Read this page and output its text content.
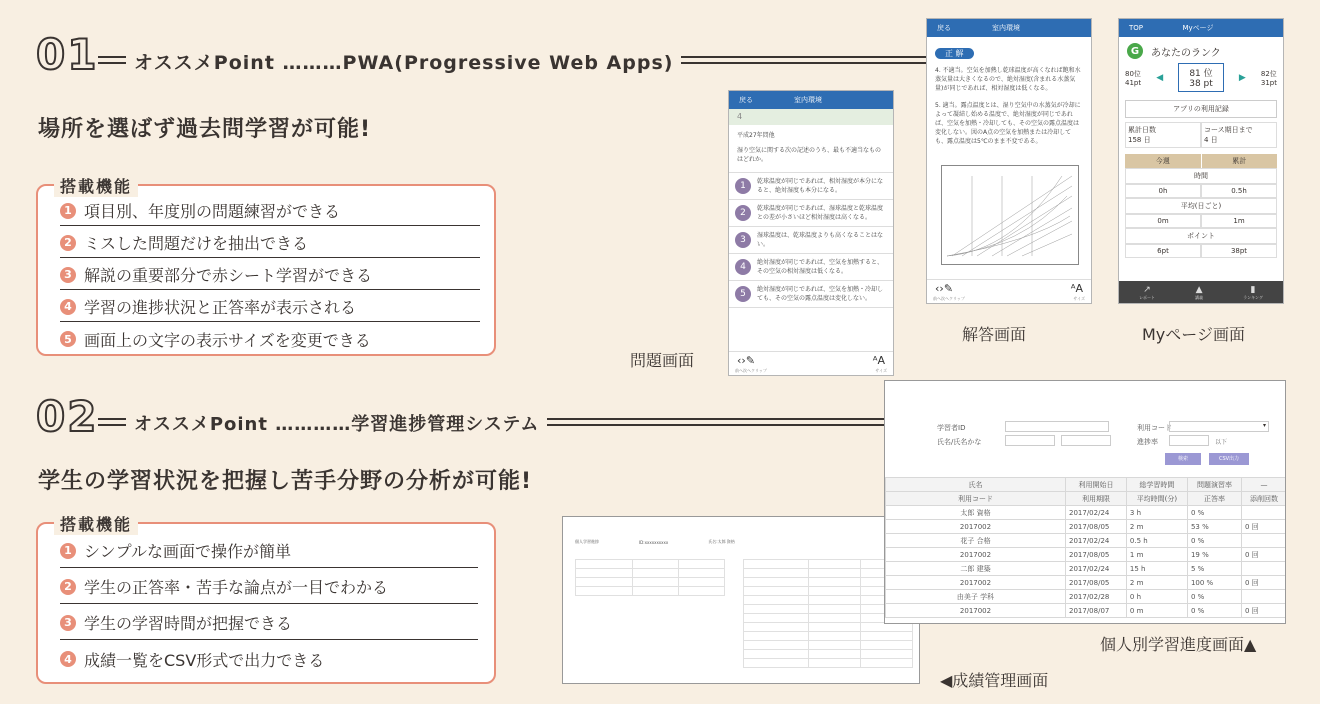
01	オススメPoint ………PWA(Progressive Web Apps)
場所を選ばず過去問学習が可能!
1 項目別、年度別の問題練習ができる
2 ミスした問題だけを抽出できる
3 解説の重要部分で赤シート学習ができる
4 学習の進捗状況と正答率が表示される
5 画面上の文字の表示サイズを変更できる
搭載機能
戻る	室内環境
4
平成27年問他
湿り空気に関する次の記述のうち、最も不適当なものはどれか。
1	乾球温度が同じであれば、相対湿度が本分になると、絶対湿度も本分になる。
2	乾球温度が同じであれば、湿球温度と乾球温度との差が小さいほど相対湿度は高くなる。
3	湿球温度は、乾球温度よりも高くなることはない。
4	絶対湿度が同じであれば、空気を加熱すると、その空気の相対湿度は低くなる。
5	絶対湿度が同じであれば、空気を加熱・冷却しても、その空気の露点温度は変化しない。
‹ › ✎	ᴬA
前へ 次へ クリップ	サイズ
問題画面
戻る	室内環境
正 解
4. 不適当。空気を加熱し乾球温度が高くなれば飽和水蒸気量は大きくなるので、絶対湿度(含まれる水蒸気量)が同じであれば、相対湿度は低くなる。
5. 適当。露点温度とは、湿り空気中の水蒸気が冷却によって凝結し始める温度で、絶対湿度が同じであれば、空気を加熱・冷却しても、その空気の露点温度は変化しない。図のA点の空気を加熱または冷却しても、露点温度は5℃のまま不変である。
‹ › ✎	ᴬA
前へ 次へ クリップ	サイズ
解答画面
TOP	Myページ
G	あなたのランク
80位
41pt ◀	81 位
38 pt
▶ 82位
31pt
アプリの利用記録
累計日数
158 日
コース期日まで
4 日
今週	累計
時間
0h	0.5h
平均(日ごと)
0m	1m
ポイント
6pt	38pt
↗
レポート
▲
講義
▮
ランキング
Myページ画面
02	オススメPoint …………学習進捗管理システム
学生の学習状況を把握し苦手分野の分析が可能!
1 シンプルな画面で操作が簡単
2 学生の正答率・苦手な論点が一目でわかる
3 学生の学習時間が把握できる
4 成績一覧をCSV形式で出力できる
搭載機能
個人学習進捗	ID:xxxxxxxxxx	氏名:太郎 資格

◀成績管理画面
学習者ID
氏名/氏名かな
利用コード	▾
進捗率	以下
検索	CSV出力
氏名	利用開始日	総学習時間	問題演習率	—
利用コード	利用期限	平均時間(分)	正答率	添削回数
太郎 資格	2017/02/24	3 h	0 %	
2017002	2017/08/05	2 m	53 %	0 回
花子 合格	2017/02/24	0.5 h	0 %	
2017002	2017/08/05	1 m	19 %	0 回
二郎 建築	2017/02/24	15 h	5 %	
2017002	2017/08/05	2 m	100 %	0 回
由美子 学科	2017/02/28	0 h	0 %	
2017002	2017/08/07	0 m	0 %	0 回
個人別学習進度画面▲
